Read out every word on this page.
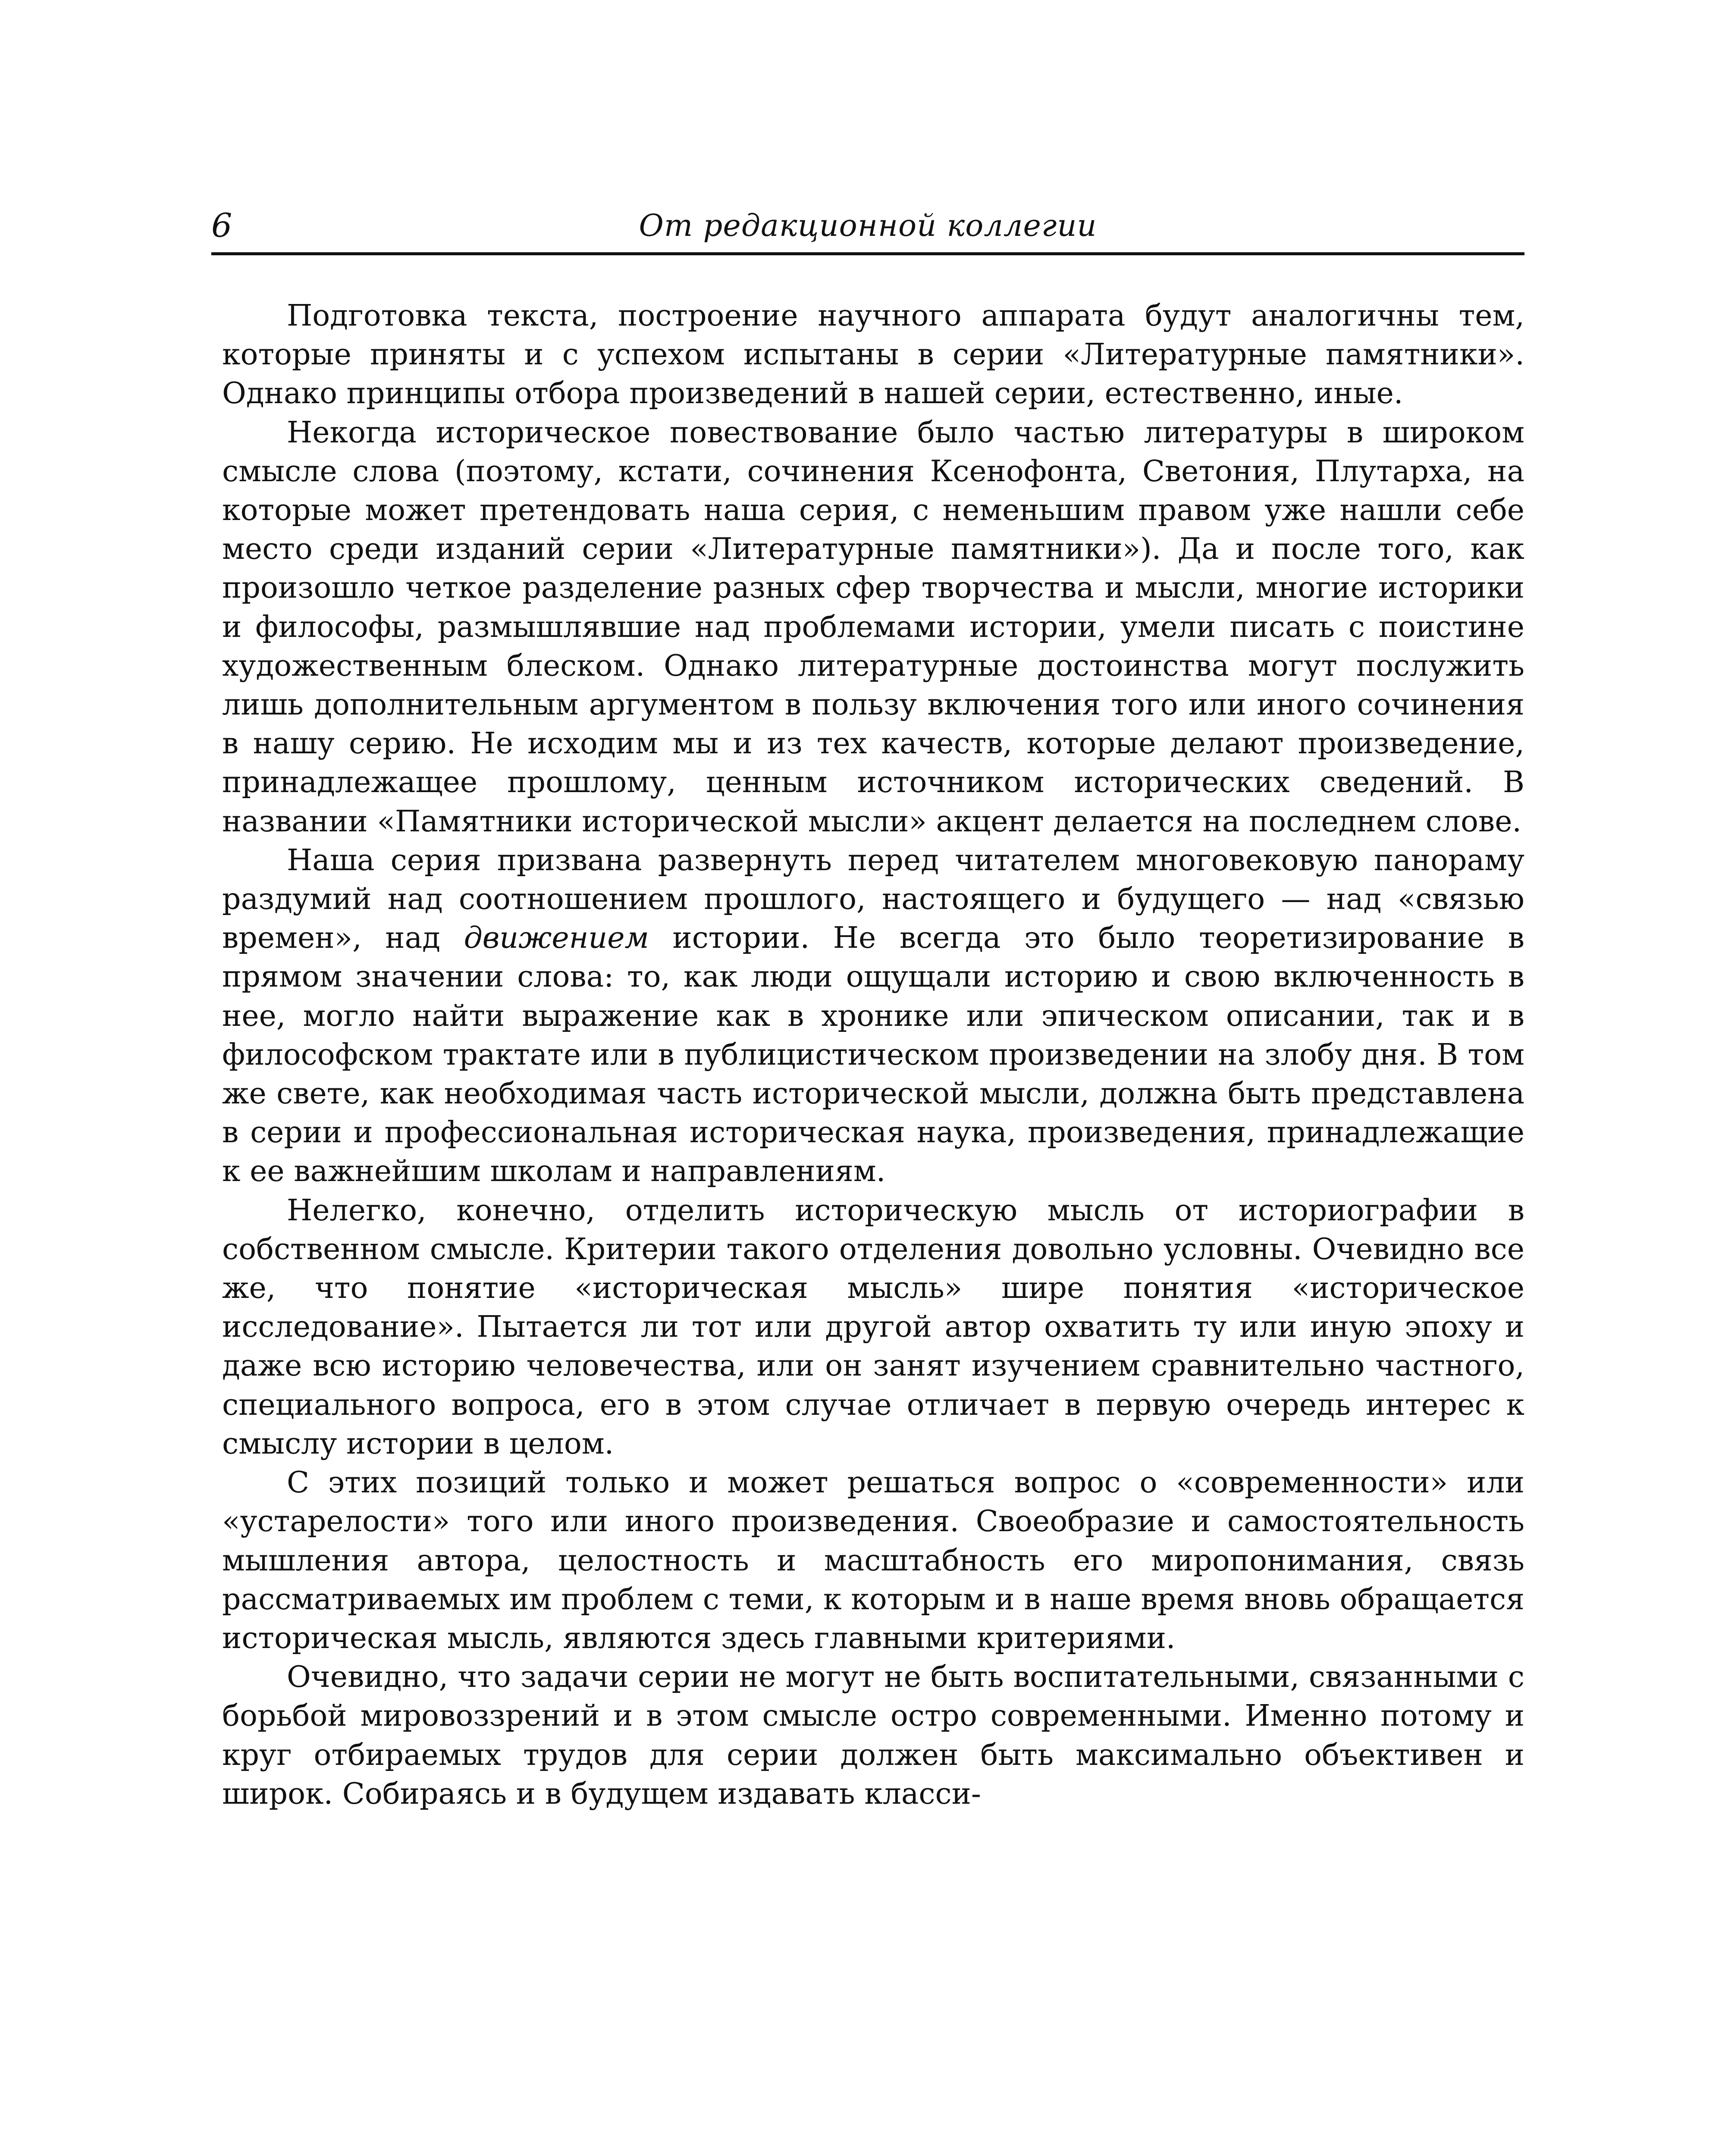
6	От редакционной коллегии

Подготовка текста, построение научного аппарата будут аналогичны тем, которые приняты и с успехом испытаны в серии «Литературные памятники». Однако принципы отбора произведений в нашей серии, естественно, иные.

Некогда историческое повествование было частью литературы в широком смысле слова (поэтому, кстати, сочинения Ксенофонта, Светония, Плутарха, на которые может претендовать наша серия, с неменьшим правом уже нашли себе место среди изданий серии «Литературные памятники»). Да и после того, как произошло четкое разделение разных сфер творчества и мысли, многие историки и философы, размышлявшие над проблемами истории, умели писать с поистине художественным блеском. Однако литературные достоинства могут послужить лишь дополнительным аргументом в пользу включения того или иного сочинения в нашу серию. Не исходим мы и из тех качеств, которые делают произведение, принадлежащее прошлому, ценным источником исторических сведений. В названии «Памятники исторической мысли» акцент делается на последнем слове.

Наша серия призвана развернуть перед читателем многовековую панораму раздумий над соотношением прошлого, настоящего и будущего — над «связью времен», над движением истории. Не всегда это было теоретизирование в прямом значении слова: то, как люди ощущали историю и свою включенность в нее, могло найти выражение как в хронике или эпическом описании, так и в философском трактате или в публицистическом произведении на злобу дня. В том же свете, как необходимая часть исторической мысли, должна быть представлена в серии и профессиональная историческая наука, произведения, принадлежащие к ее важнейшим школам и направлениям.

Нелегко, конечно, отделить историческую мысль от историографии в собственном смысле. Критерии такого отделения довольно условны. Очевидно все же, что понятие «историческая мысль» шире понятия «историческое исследование». Пытается ли тот или другой автор охватить ту или иную эпоху и даже всю историю человечества, или он занят изучением сравнительно частного, специального вопроса, его в этом случае отличает в первую очередь интерес к смыслу истории в целом.

С этих позиций только и может решаться вопрос о «современности» или «устарелости» того или иного произведения. Своеобразие и самостоятельность мышления автора, целостность и масштабность его миропонимания, связь рассматриваемых им проблем с теми, к которым и в наше время вновь обращается историческая мысль, являются здесь главными критериями.

Очевидно, что задачи серии не могут не быть воспитательными, связанными с борьбой мировоззрений и в этом смысле остро современными. Именно потому и круг отбираемых трудов для серии должен быть максимально объективен и широк. Собираясь и в будущем издавать класси-
